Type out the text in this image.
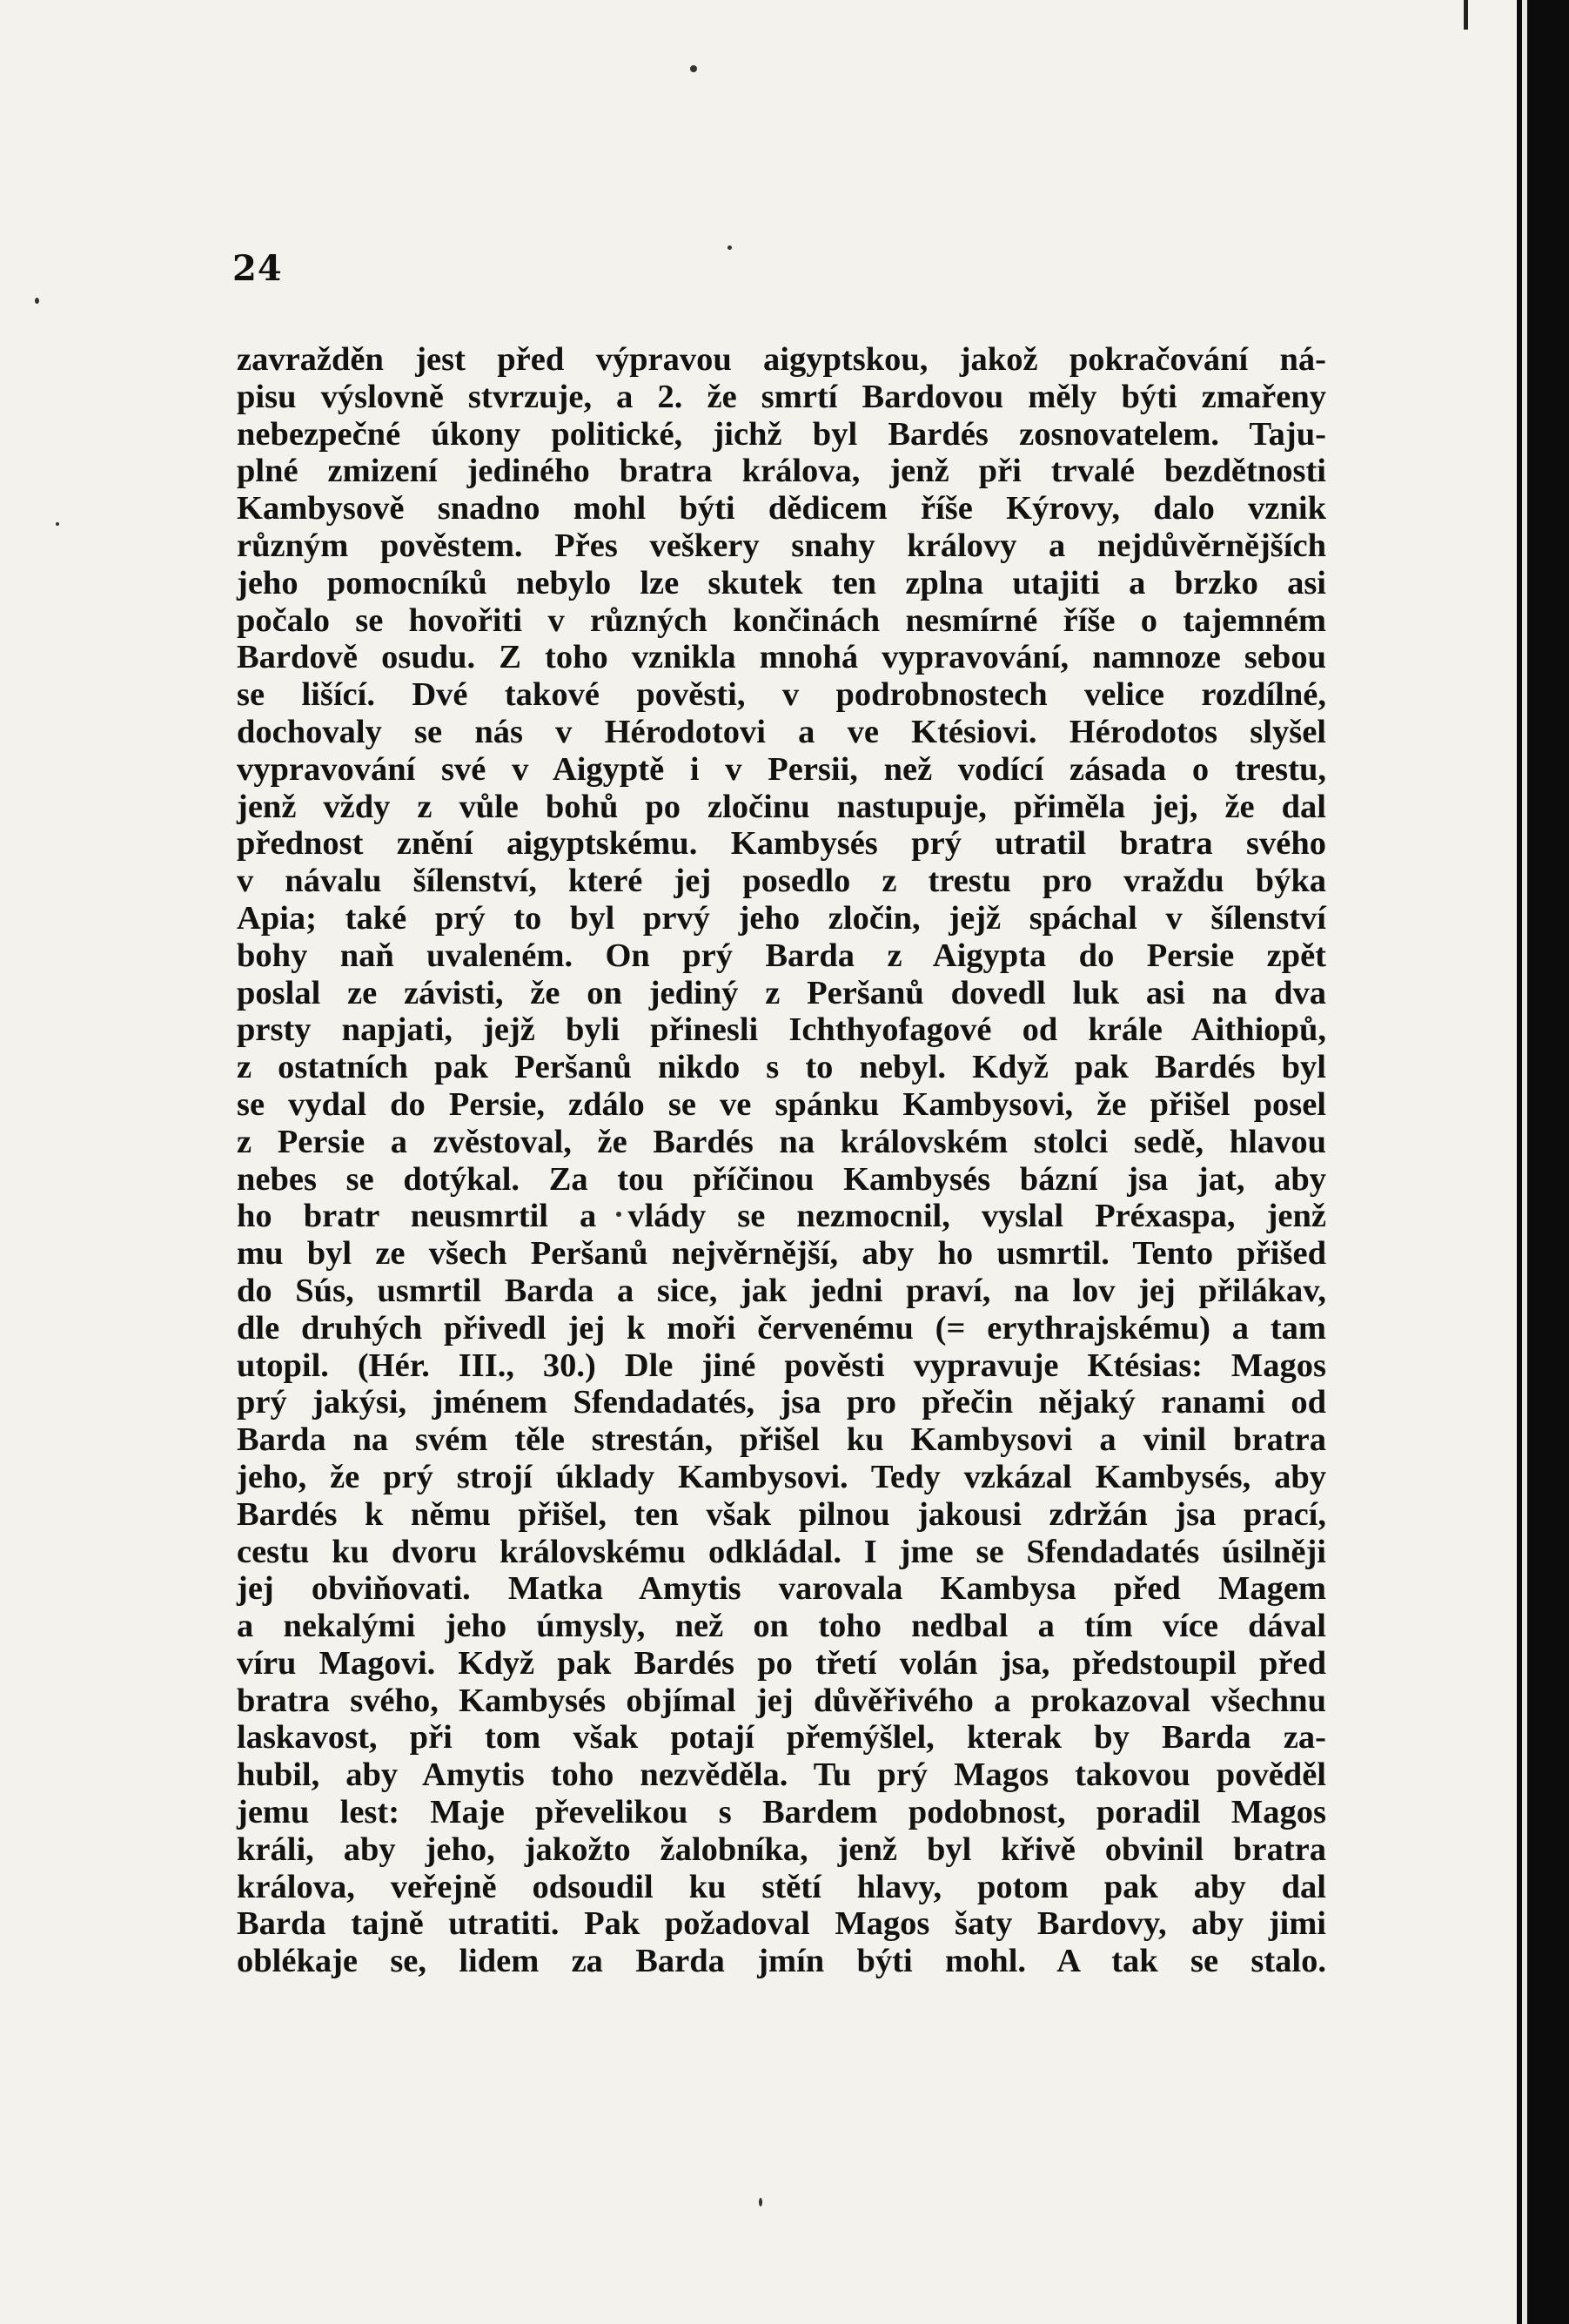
24
zavražděn jest před výpravou aigyptskou, jakož pokračování ná-
pisu výslovně stvrzuje, a 2. že smrtí Bardovou měly býti zmařeny
nebezpečné úkony politické, jichž byl Bardés zosnovatelem. Taju-
plné zmizení jediného bratra králova, jenž při trvalé bezdětnosti
Kambysově snadno mohl býti dědicem říše Kýrovy, dalo vznik
různým pověstem. Přes veškery snahy královy a nejdůvěrnějších
jeho pomocníků nebylo lze skutek ten zplna utajiti a brzko asi
počalo se hovořiti v různých končinách nesmírné říše o tajemném
Bardově osudu. Z toho vznikla mnohá vypravování, namnoze sebou
se lišící. Dvé takové pověsti, v podrobnostech velice rozdílné,
dochovaly se nás v Hérodotovi a ve Ktésiovi. Hérodotos slyšel
vypravování své v Aigyptě i v Persii, než vodící zásada o trestu,
jenž vždy z vůle bohů po zločinu nastupuje, přiměla jej, že dal
přednost znění aigyptskému. Kambysés prý utratil bratra svého
v návalu šílenství, které jej posedlo z trestu pro vraždu býka
Apia; také prý to byl prvý jeho zločin, jejž spáchal v šílenství
bohy naň uvaleném. On prý Barda z Aigypta do Persie zpět
poslal ze závisti, že on jediný z Peršanů dovedl luk asi na dva
prsty napjati, jejž byli přinesli Ichthyofagové od krále Aithiopů,
z ostatních pak Peršanů nikdo s to nebyl. Když pak Bardés byl
se vydal do Persie, zdálo se ve spánku Kambysovi, že přišel posel
z Persie a zvěstoval, že Bardés na královském stolci sedě, hlavou
nebes se dotýkal. Za tou příčinou Kambysés bázní jsa jat, aby
ho bratr neusmrtil a vlády se nezmocnil, vyslal Préxaspa, jenž
mu byl ze všech Peršanů nejvěrnější, aby ho usmrtil. Tento přišed
do Sús, usmrtil Barda a sice, jak jedni praví, na lov jej přilákav,
dle druhých přivedl jej k moři červenému (= erythrajskému) a tam
utopil. (Hér. III., 30.) Dle jiné pověsti vypravuje Ktésias: Magos
prý jakýsi, jménem Sfendadatés, jsa pro přečin nějaký ranami od
Barda na svém těle strestán, přišel ku Kambysovi a vinil bratra
jeho, že prý strojí úklady Kambysovi. Tedy vzkázal Kambysés, aby
Bardés k němu přišel, ten však pilnou jakousi zdržán jsa prací,
cestu ku dvoru královskému odkládal. I jme se Sfendadatés úsilněji
jej obviňovati. Matka Amytis varovala Kambysa před Magem
a nekalými jeho úmysly, než on toho nedbal a tím více dával
víru Magovi. Když pak Bardés po třetí volán jsa, předstoupil před
bratra svého, Kambysés objímal jej důvěřivého a prokazoval všechnu
laskavost, při tom však potají přemýšlel, kterak by Barda za-
hubil, aby Amytis toho nezvěděla. Tu prý Magos takovou pověděl
jemu lest: Maje převelikou s Bardem podobnost, poradil Magos
králi, aby jeho, jakožto žalobníka, jenž byl křivě obvinil bratra
králova, veřejně odsoudil ku stětí hlavy, potom pak aby dal
Barda tajně utratiti. Pak požadoval Magos šaty Bardovy, aby jimi
oblékaje se, lidem za Barda jmín býti mohl. A tak se stalo.
